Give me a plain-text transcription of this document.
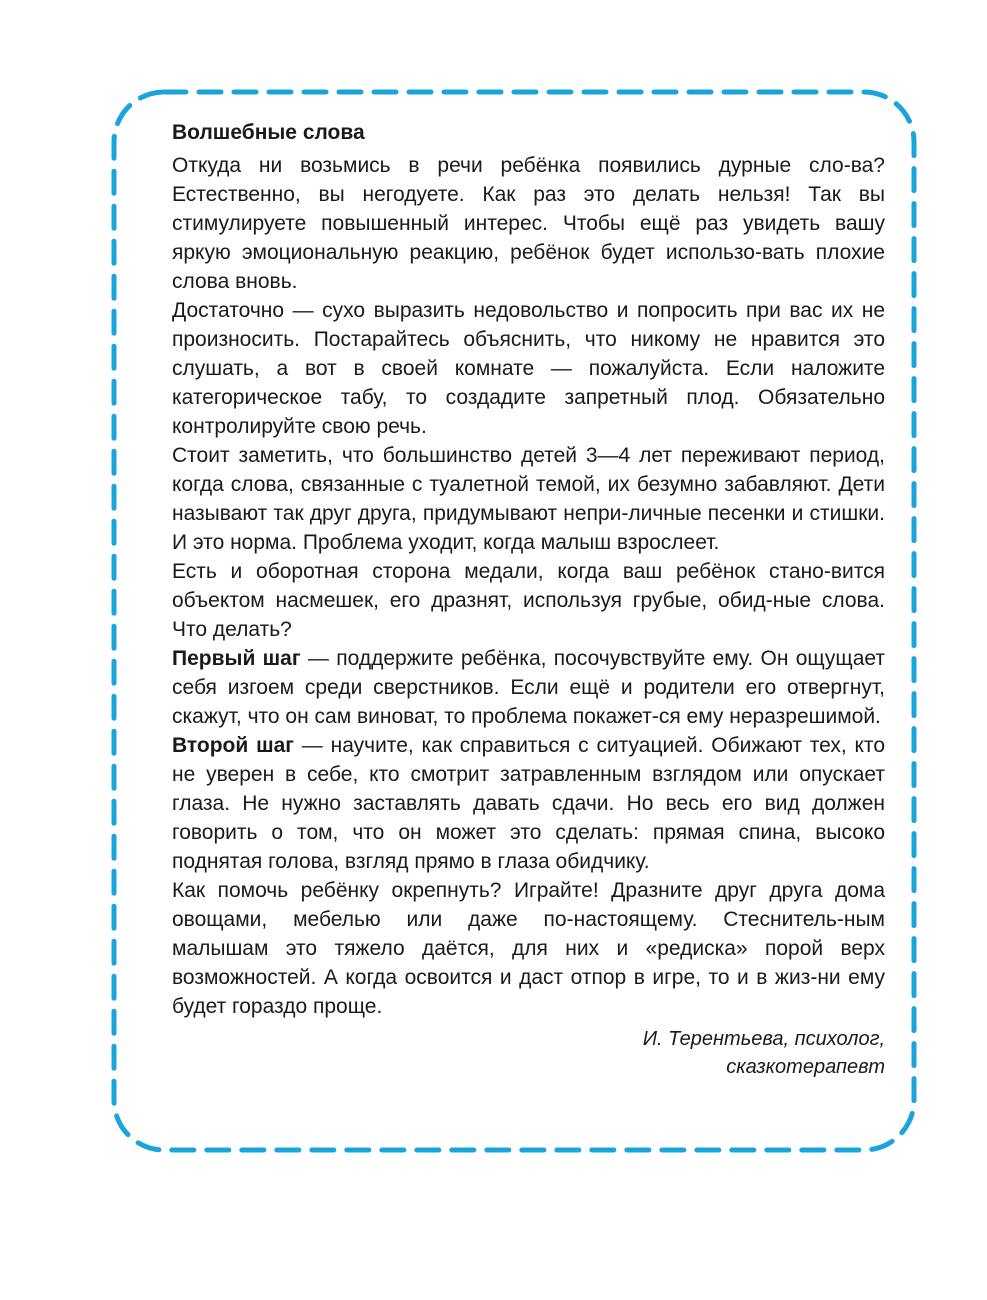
Волшебные слова

Откуда ни возьмись в речи ребёнка появились дурные сло-ва? Естественно, вы негодуете. Как раз это делать нельзя! Так вы стимулируете повышенный интерес. Чтобы ещё раз увидеть вашу яркую эмоциональную реакцию, ребёнок будет использо-вать плохие слова вновь.

Достаточно — сухо выразить недовольство и попросить при вас их не произносить. Постарайтесь объяснить, что никому не нравится это слушать, а вот в своей комнате — пожалуйста. Если наложите категорическое табу, то создадите запретный плод. Обязательно контролируйте свою речь.

Стоит заметить, что большинство детей 3—4 лет переживают период, когда слова, связанные с туалетной темой, их безумно забавляют. Дети называют так друг друга, придумывают непри-личные песенки и стишки. И это норма. Проблема уходит, когда малыш взрослеет.

Есть и оборотная сторона медали, когда ваш ребёнок стано-вится объектом насмешек, его дразнят, используя грубые, обид-ные слова. Что делать?

Первый шаг — поддержите ребёнка, посочувствуйте ему. Он ощущает себя изгоем среди сверстников. Если ещё и родители его отвергнут, скажут, что он сам виноват, то проблема покажет-ся ему неразрешимой.

Второй шаг — научите, как справиться с ситуацией. Обижают тех, кто не уверен в себе, кто смотрит затравленным взглядом или опускает глаза. Не нужно заставлять давать сдачи. Но весь его вид должен говорить о том, что он может это сделать: прямая спина, высоко поднятая голова, взгляд прямо в глаза обидчику.

Как помочь ребёнку окрепнуть? Играйте! Дразните друг друга дома овощами, мебелью или даже по-настоящему. Стеснитель-ным малышам это тяжело даётся, для них и «редиска» порой верх возможностей. А когда освоится и даст отпор в игре, то и в жиз-ни ему будет гораздо проще.

И. Терентьева, психолог,
сказкотерапевт
